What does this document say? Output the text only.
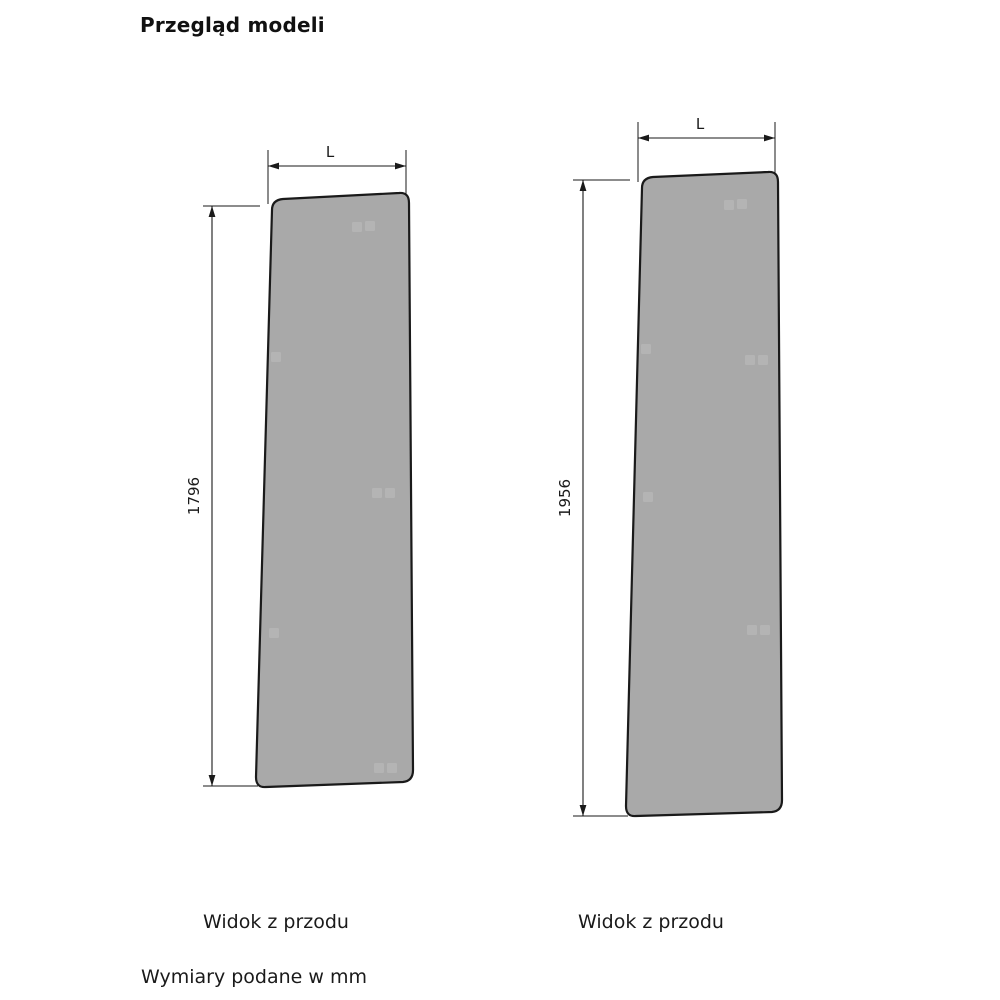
Przegląd modeli
L
1796
L
1956
Widok z przodu	Widok z przodu
Wymiary podane w mm
